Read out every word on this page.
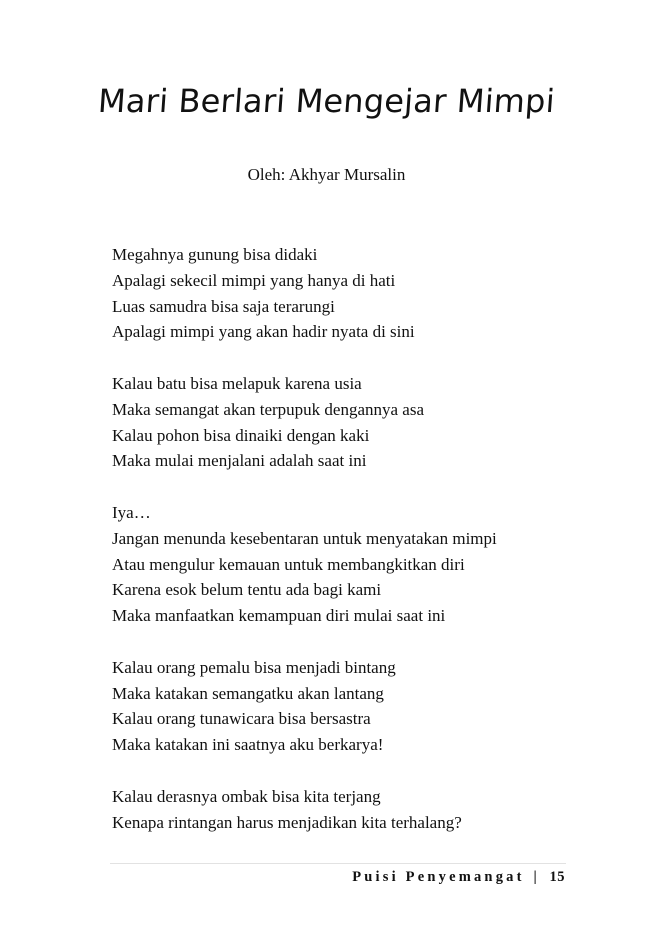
Mari Berlari Mengejar Mimpi
Oleh: Akhyar Mursalin
Megahnya gunung bisa didaki
Apalagi sekecil mimpi yang hanya di hati
Luas samudra bisa saja terarungi
Apalagi mimpi yang akan hadir nyata di sini
Kalau batu bisa melapuk karena usia
Maka semangat akan terpupuk dengannya asa
Kalau pohon bisa dinaiki dengan kaki
Maka mulai menjalani adalah saat ini
Iya…
Jangan menunda kesebentaran untuk menyatakan mimpi
Atau mengulur kemauan untuk membangkitkan diri
Karena esok belum tentu ada bagi kami
Maka manfaatkan kemampuan diri mulai saat ini
Kalau orang pemalu bisa menjadi bintang
Maka katakan semangatku akan lantang
Kalau orang tunawicara bisa bersastra
Maka katakan ini saatnya aku berkarya!
Kalau derasnya ombak bisa kita terjang
Kenapa rintangan harus menjadikan kita terhalang?
Puisi Penyemangat | 15
